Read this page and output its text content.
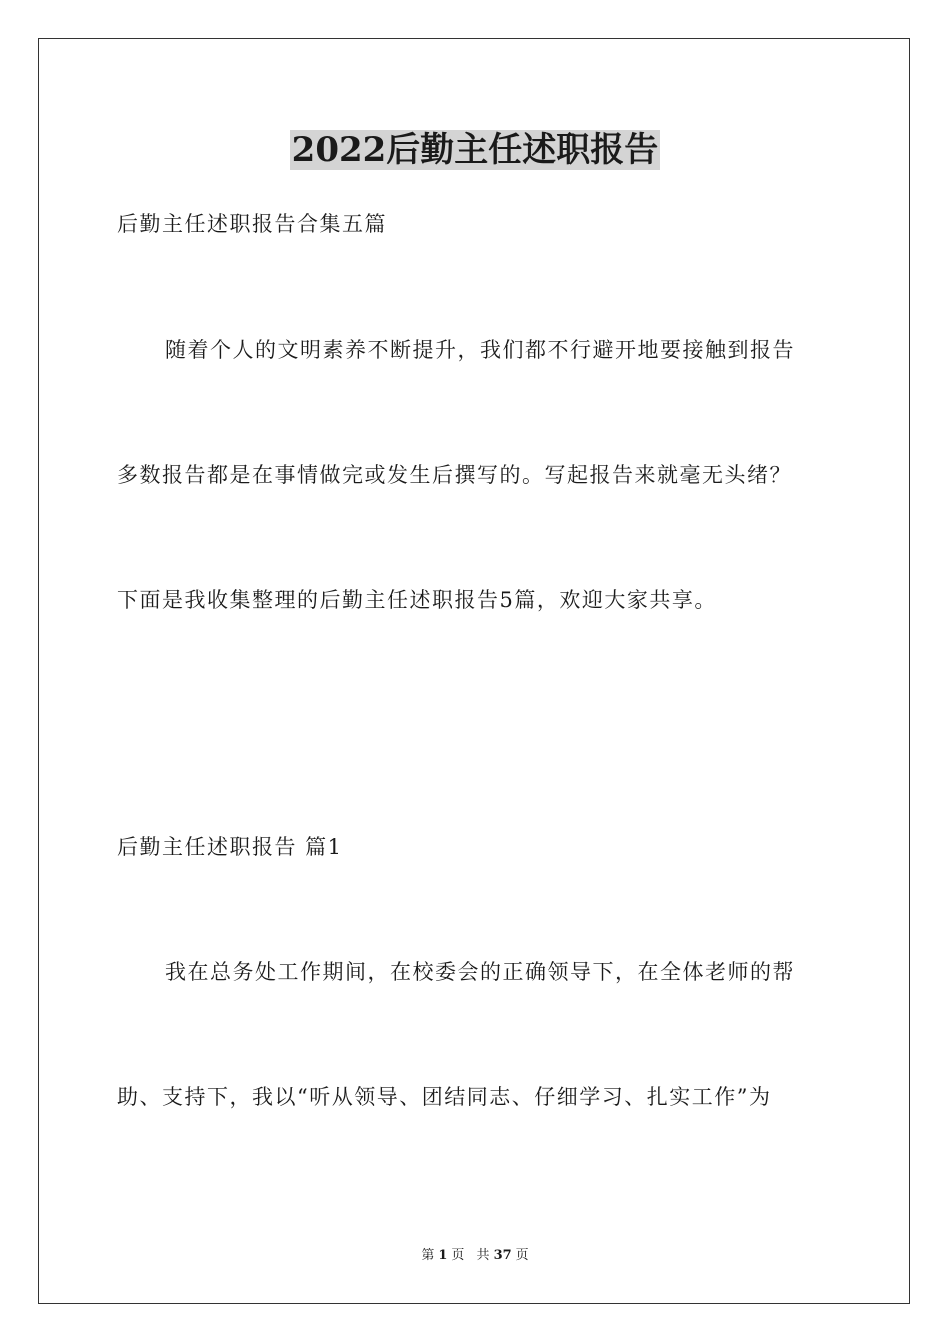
2022后勤主任述职报告
后勤主任述职报告合集五篇
随着个人的文明素养不断提升，我们都不行避开地要接触到报告
多数报告都是在事情做完或发生后撰写的。写起报告来就毫无头绪？
下面是我收集整理的后勤主任述职报告5篇，欢迎大家共享。
后勤主任述职报告 篇1
我在总务处工作期间，在校委会的正确领导下，在全体老师的帮
助、支持下，我以“听从领导、团结同志、仔细学习、扎实工作”为
第 1 页 共 37 页
